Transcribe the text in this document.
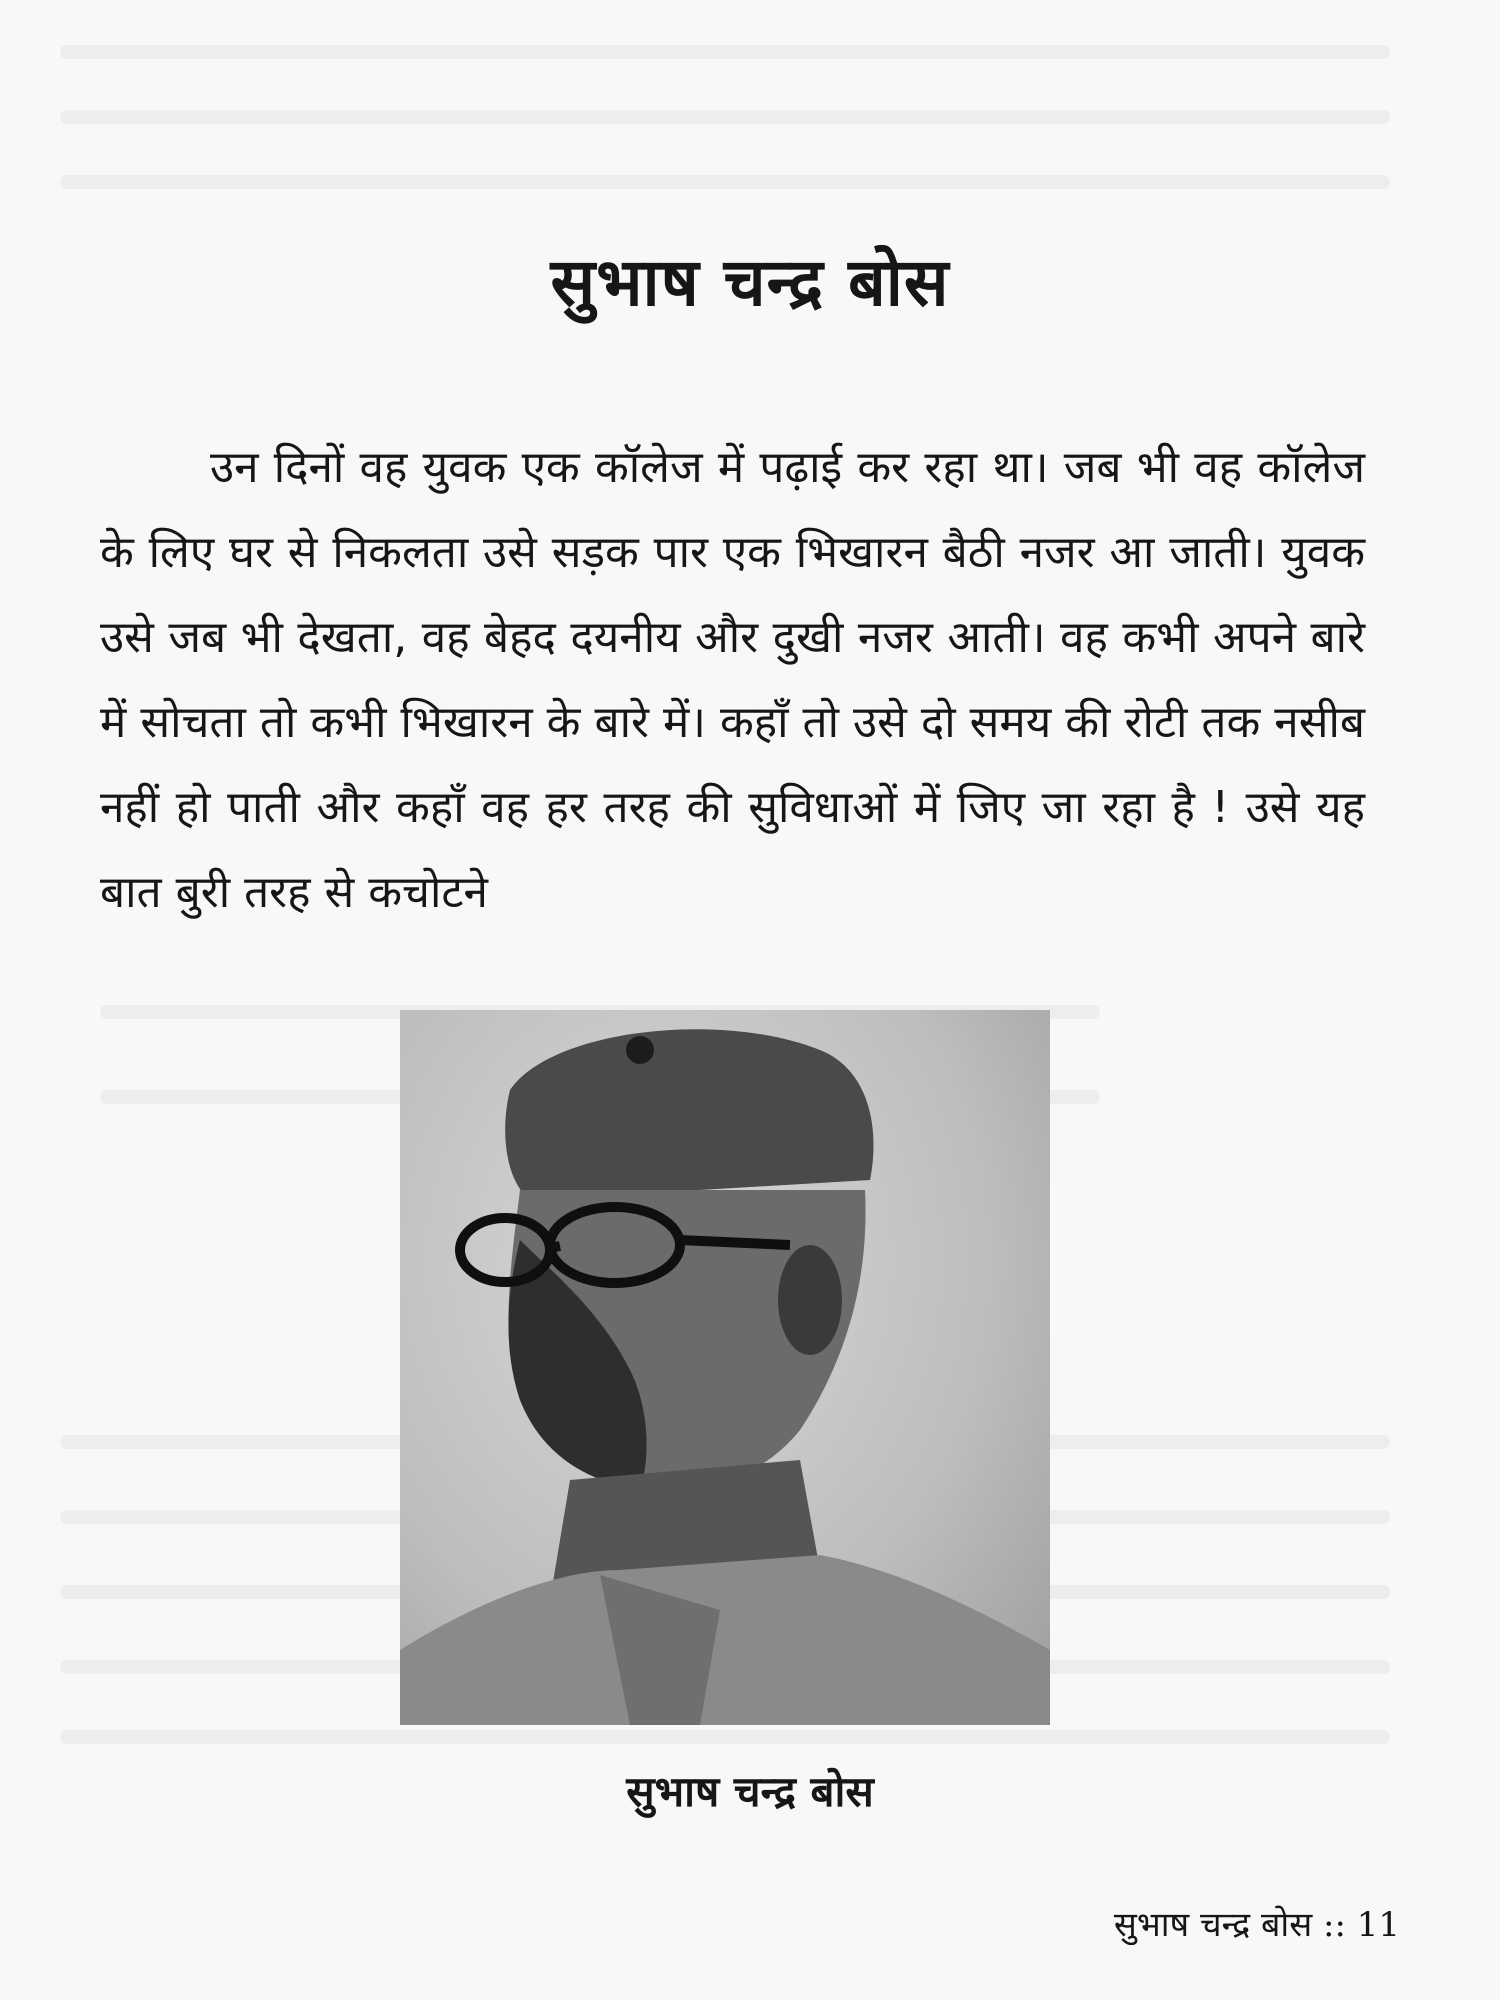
सुभाष चन्द्र बोस

उन दिनों वह युवक एक कॉलेज में पढ़ाई कर रहा था। जब भी वह कॉलेज के लिए घर से निकलता उसे सड़क पार एक भिखारन बैठी नजर आ जाती। युवक उसे जब भी देखता, वह बेहद दयनीय और दुखी नजर आती। वह कभी अपने बारे में सोचता तो कभी भिखारन के बारे में। कहाँ तो उसे दो समय की रोटी तक नसीब नहीं हो पाती और कहाँ वह हर तरह की सुविधाओं में जिए जा रहा है ! उसे यह बात बुरी तरह से कचोटने

सुभाष चन्द्र बोस
सुभाष चन्द्र बोस :: 11
